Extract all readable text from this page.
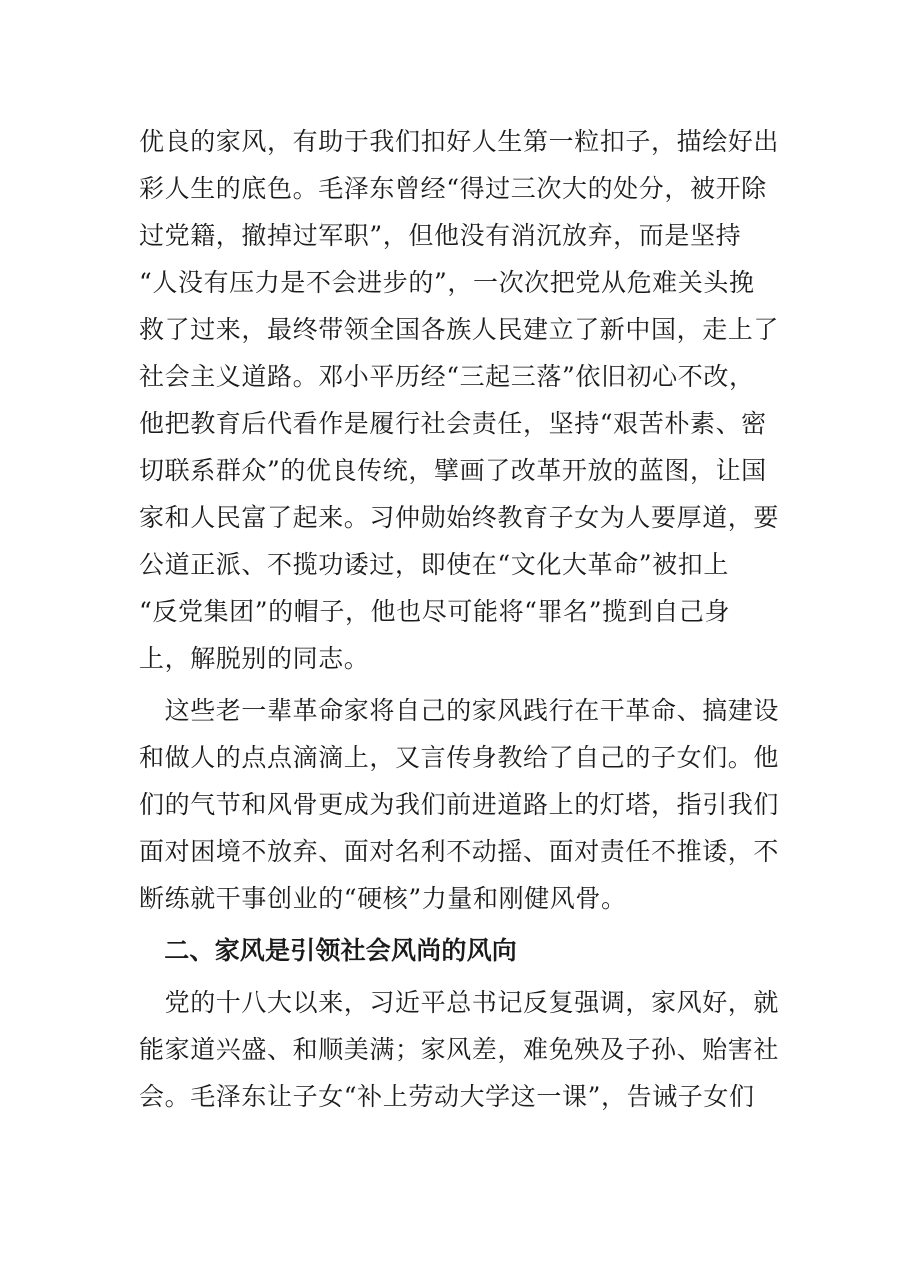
优良的家风，有助于我们扣好人生第一粒扣子，描绘好出
彩人生的底色。毛泽东曾经“得过三次大的处分，被开除
过党籍，撤掉过军职”，但他没有消沉放弃，而是坚持
“人没有压力是不会进步的”，一次次把党从危难关头挽
救了过来，最终带领全国各族人民建立了新中国，走上了
社会主义道路。邓小平历经“三起三落”依旧初心不改，
他把教育后代看作是履行社会责任，坚持“艰苦朴素、密
切联系群众”的优良传统，擘画了改革开放的蓝图，让国
家和人民富了起来。习仲勋始终教育子女为人要厚道，要
公道正派、不揽功诿过，即使在“文化大革命”被扣上
“反党集团”的帽子，他也尽可能将“罪名”揽到自己身
上，解脱别的同志。
　这些老一辈革命家将自己的家风践行在干革命、搞建设
和做人的点点滴滴上，又言传身教给了自己的子女们。他
们的气节和风骨更成为我们前进道路上的灯塔，指引我们
面对困境不放弃、面对名利不动摇、面对责任不推诿，不
断练就干事创业的“硬核”力量和刚健风骨。
　二、家风是引领社会风尚的风向
　党的十八大以来，习近平总书记反复强调，家风好，就
能家道兴盛、和顺美满；家风差，难免殃及子孙、贻害社
会。毛泽东让子女“补上劳动大学这一课”，告诫子女们
